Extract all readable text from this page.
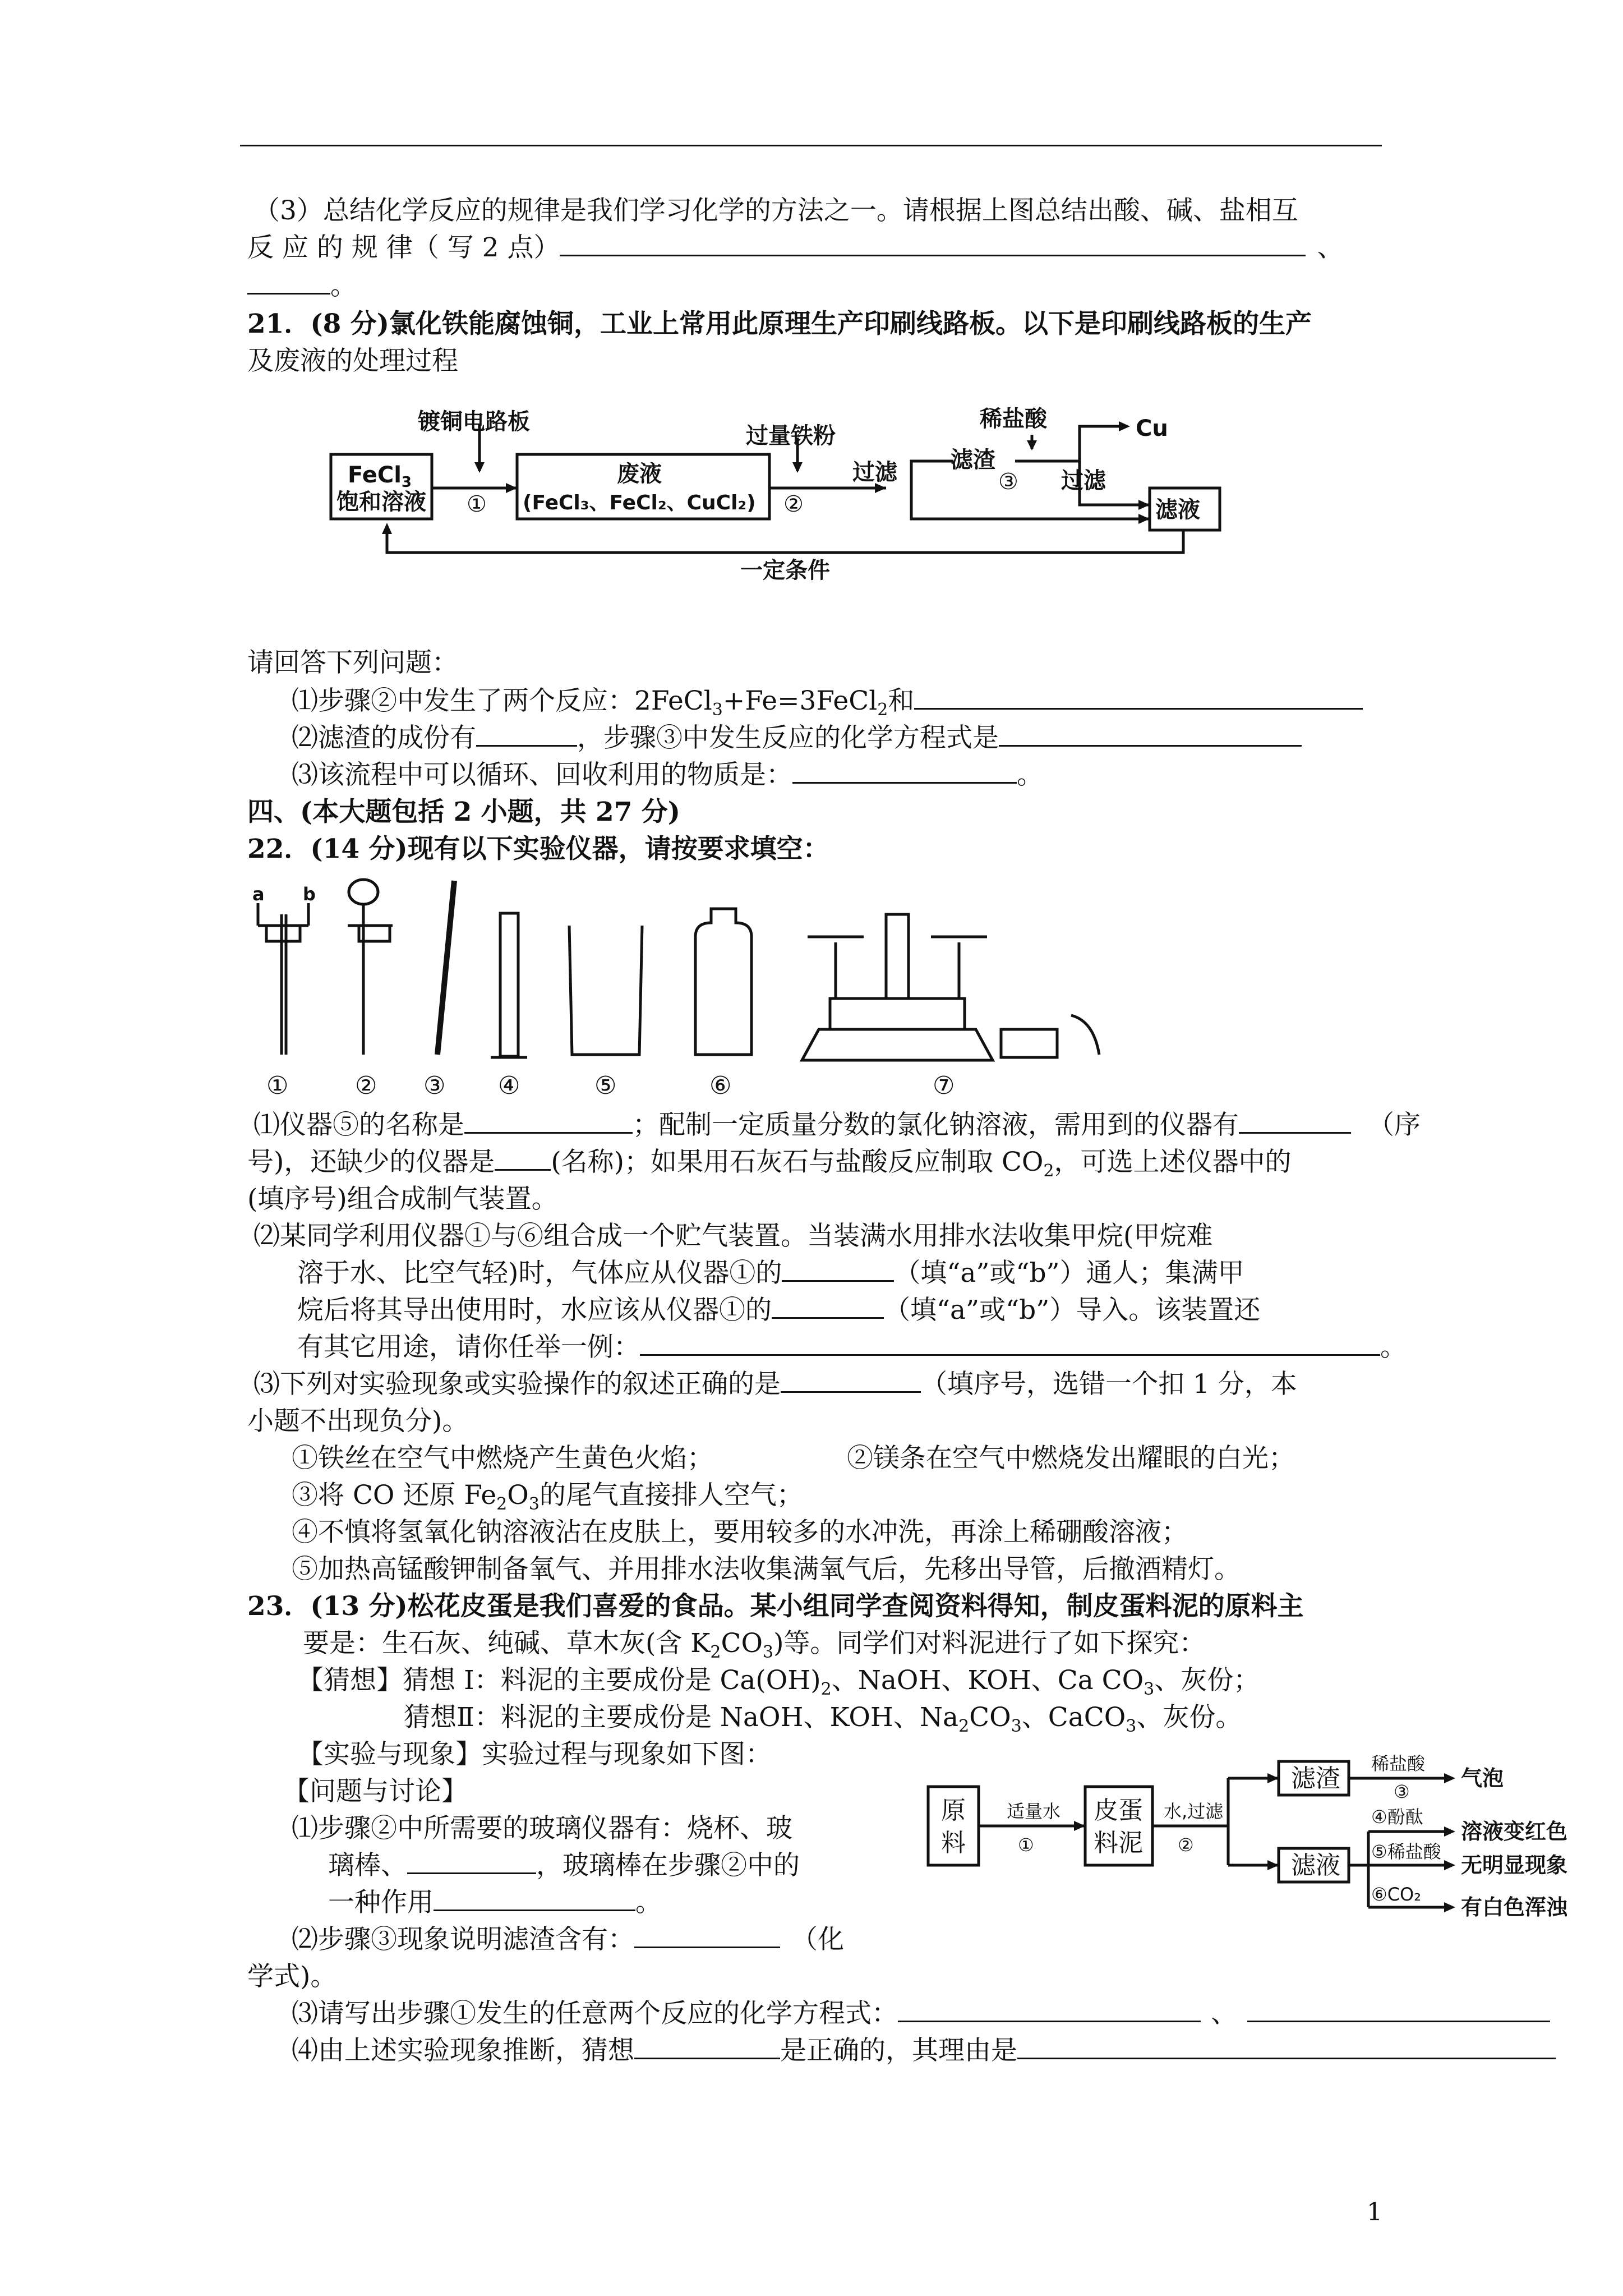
（3）总结化学反应的规律是我们学习化学的方法之一。请根据上图总结出酸、碱、盐相互
反 应 的 规 律（ 写 2 点）	、
。
21．(8 分)氯化铁能腐蚀铜，工业上常用此原理生产印刷线路板。以下是印刷线路板的生产
及废液的处理过程
FeCl$_3$
饱和溶液
镀铜电路板
①
废液
(FeCl₃、FeCl₂、CuCl₂)
过量铁粉
②
过滤 滤渣
③
稀盐酸	Cu
过滤
滤液
一定条件
请回答下列问题：
⑴步骤②中发生了两个反应：2FeCl$_3$+Fe=3FeCl$_2$和
⑵滤渣的成份有	，步骤③中发生反应的化学方程式是
⑶该流程中可以循环、回收利用的物质是：	。
四、(本大题包括 2 小题，共 27 分)
22．(14 分)现有以下实验仪器，请按要求填空：
a b
①	② ③ ④	⑤	⑥	⑦
⑴仪器⑤的名称是	；配制一定质量分数的氯化钠溶液，需用到的仪器有	（序
号)，还缺少的仪器是 (名称)；如果用石灰石与盐酸反应制取 $CO_2$，可选上述仪器中的
(填序号)组合成制气装置。
⑵某同学利用仪器①与⑥组合成一个贮气装置。当装满水用排水法收集甲烷(甲烷难
溶于水、比空气轻)时，气体应从仪器①的	（填“a”或“b”）通人；集满甲
烷后将其导出使用时，水应该从仪器①的	（填“a”或“b”）导入。该装置还
有其它用途，请你任举一例：	。
⑶下列对实验现象或实验操作的叙述正确的是	（填序号，选错一个扣 1 分，本
小题不出现负分)。
①铁丝在空气中燃烧产生黄色火焰；	②镁条在空气中燃烧发出耀眼的白光；
③将 CO 还原 $Fe_2O_3$的尾气直接排人空气；
④不慎将氢氧化钠溶液沾在皮肤上，要用较多的水冲洗，再涂上稀硼酸溶液；
⑤加热高锰酸钾制备氧气、并用排水法收集满氧气后，先移出导管，后撤酒精灯。
23．(13 分)松花皮蛋是我们喜爱的食品。某小组同学查阅资料得知，制皮蛋料泥的原料主
要是：生石灰、纯碱、草木灰(含 $K_2CO_3$)等。同学们对料泥进行了如下探究：
【猜想】猜想 I：料泥的主要成份是 $Ca(OH)_2$、NaOH、KOH、Ca $CO_3$、灰份；
猜想Ⅱ：料泥的主要成份是 NaOH、KOH、$Na_2CO_3$、CaCO$_3$、灰份。
【实验与现象】实验过程与现象如下图：
【问题与讨论】
⑴步骤②中所需要的玻璃仪器有：烧杯、玻
璃棒、	，玻璃棒在步骤②中的
一种作用	。
⑵步骤③现象说明滤渣含有：	（化
学式)。
⑶请写出步骤①发生的任意两个反应的化学方程式：	、
⑷由上述实验现象推断，猜想	是正确的，其理由是
原
料
皮蛋
料泥
滤渣
滤液
适量水
①
水,过滤
②
稀盐酸
③
④酚酞
⑤稀盐酸
⑥CO₂
气泡
溶液变红色
无明显现象
有白色浑浊
1
